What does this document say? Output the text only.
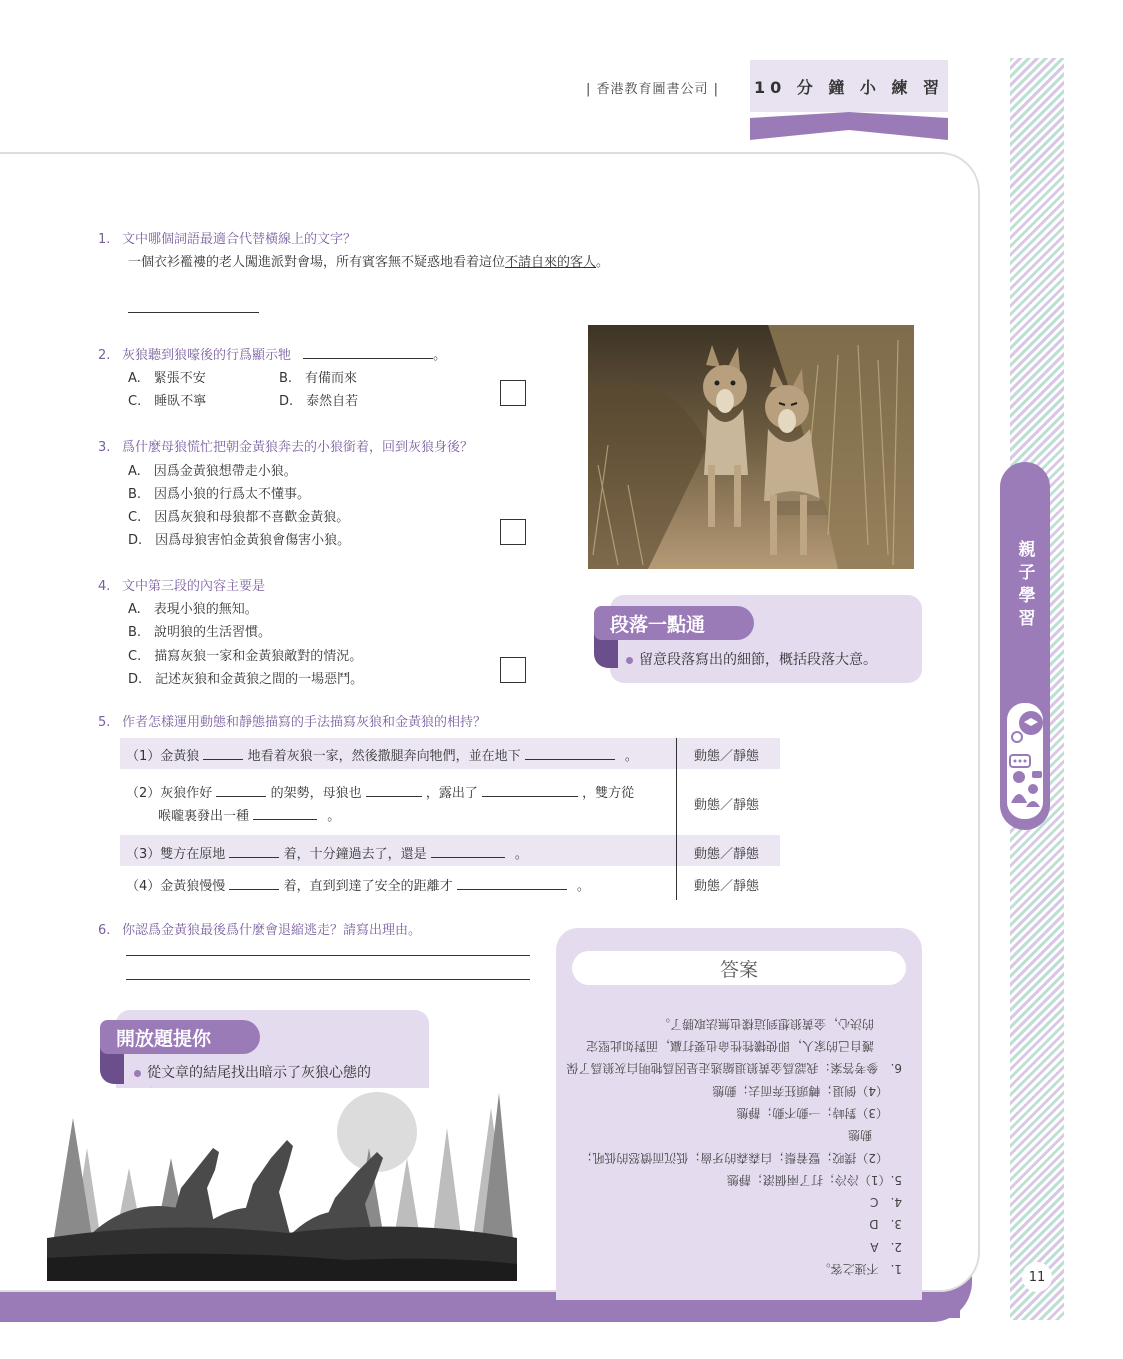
親子學習
11
| 香港教育圖書公司 | 10 分 鐘 小 練 習
1. 文中哪個詞語最適合代替橫線上的文字？
一個衣衫襤褸的老人闖進派對會場，所有賓客無不疑惑地看着這位不請自來的客人。
2. 灰狼聽到狼嚎後的行爲顯示牠	。
A.　緊張不安	B.　有備而來
C.　睡臥不寧	D.　泰然自若
3. 爲什麼母狼慌忙把朝金黃狼奔去的小狼銜着，回到灰狼身後？
A.　因爲金黃狼想帶走小狼。
B.　因爲小狼的行爲太不懂事。
C.　因爲灰狼和母狼都不喜歡金黃狼。
D.　因爲母狼害怕金黃狼會傷害小狼。
4. 文中第三段的內容主要是
A.　表現小狼的無知。
B.　說明狼的生活習慣。
C.　描寫灰狼一家和金黃狼敵對的情況。
D.　記述灰狼和金黃狼之間的一場惡鬥。
段落一點通
留意段落寫出的細節，概括段落大意。
5. 作者怎樣運用動態和靜態描寫的手法描寫灰狼和金黃狼的相持？
（1）金黃狼	地看着灰狼一家，然後撒腿奔向牠們，並在地下	。	動態／靜態
（2）灰狼作好	的架勢，母狼也	，露出了	，雙方從
喉嚨裏發出一種	。
動態／靜態
（3）雙方在原地	着，十分鐘過去了，還是	。	動態／靜態
（4）金黃狼慢慢	着，直到到達了安全的距離才	。	動態／靜態
6. 你認爲金黃狼最後爲什麼會退縮逃走？請寫出理由。
開放題提你
從文章的結尾找出暗示了灰狼心態的

答案
1.　不速之客。
2.　A
3.　D
4.　C
5.（1）冷冷；打了兩個滾；靜態
（2）撲咬；豎着鬃；白森森的牙齒；低沉而憤怒的低吼；
動態
（3）對峙；一動不動；靜態
（4）倒退；轉頭狂奔而去；動態
6.　參考答案：我認爲金黃狼退縮逃走是因爲牠明白灰狼爲了保
護自己的家人，即使犧牲性命也要打贏，面對如此堅定
的決心，金黃狼想到這樣也無法取勝了。
